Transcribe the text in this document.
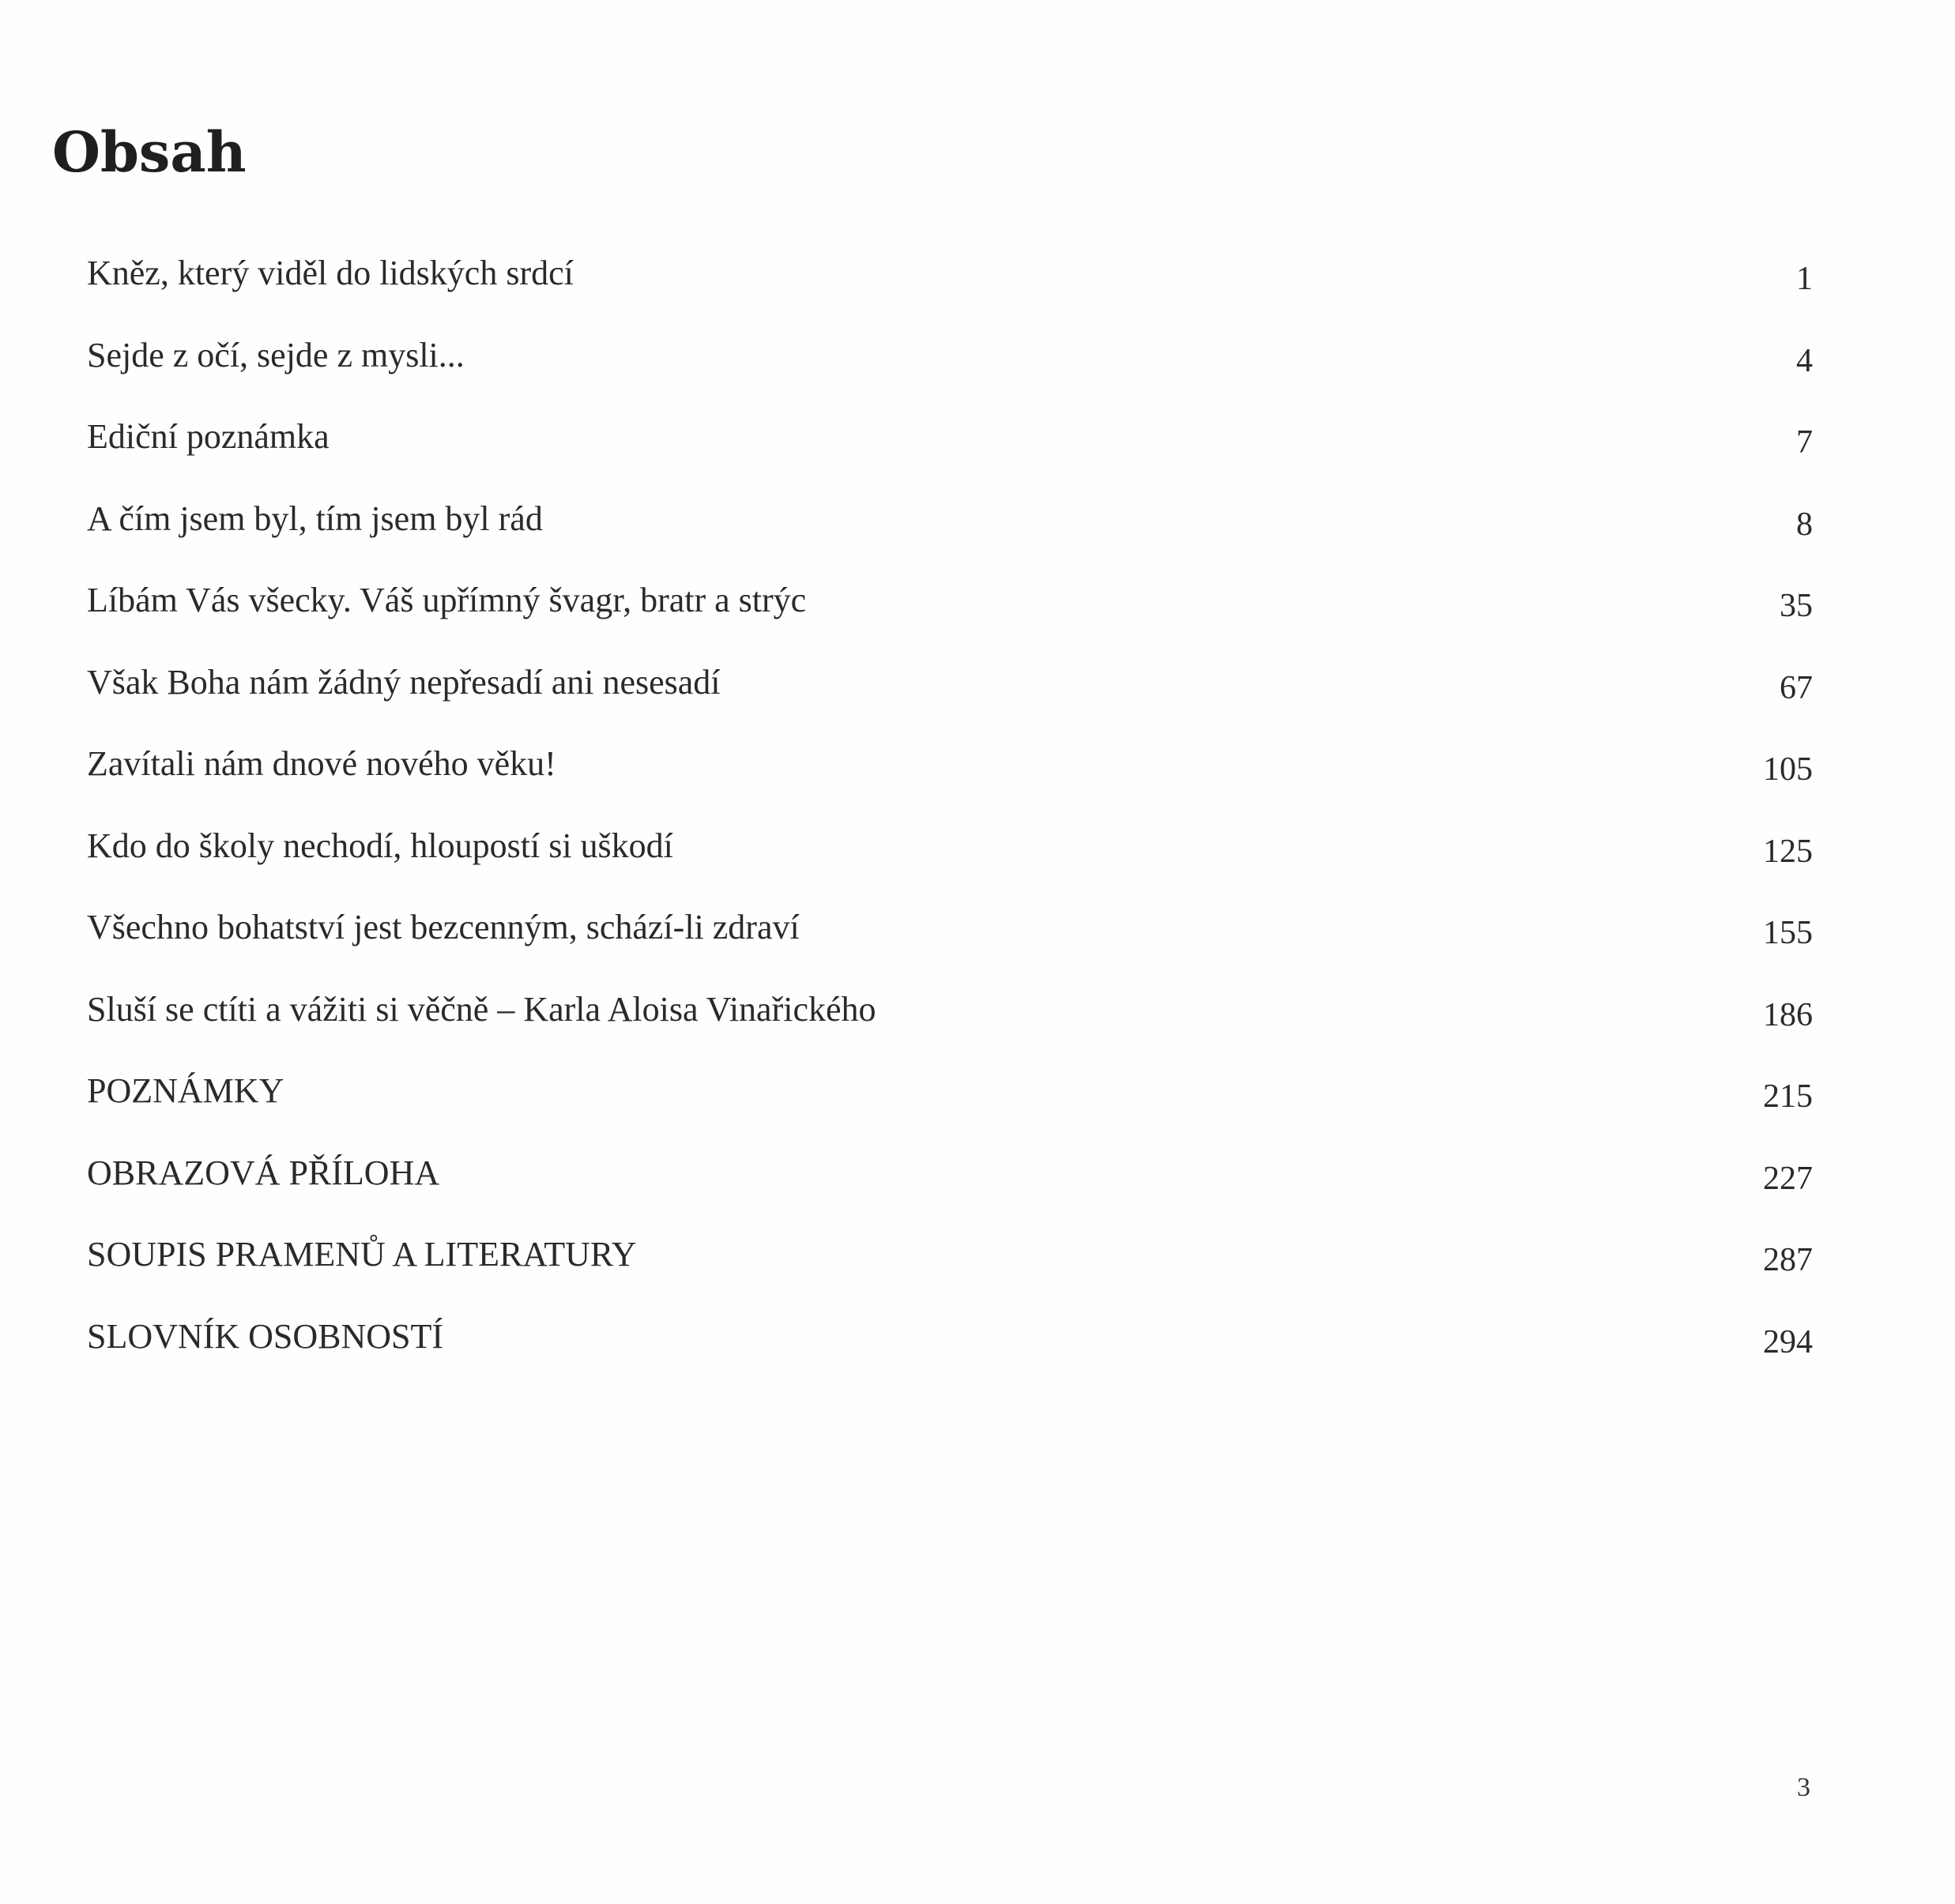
Obsah
Kněz, který viděl do lidských srdcí	1
Sejde z očí, sejde z mysli...	4
Ediční poznámka	7
A čím jsem byl, tím jsem byl rád	8
Líbám Vás všecky. Váš upřímný švagr, bratr a strýc	35
Však Boha nám žádný nepřesadí ani nesesadí	67
Zavítali nám dnové nového věku!	105
Kdo do školy nechodí, hloupostí si uškodí	125
Všechno bohatství jest bezcenným, schází-li zdraví	155
Sluší se ctíti a vážiti si věčně – Karla Aloisa Vinařického	186
POZNÁMKY	215
OBRAZOVÁ PŘÍLOHA	227
SOUPIS PRAMENŮ A LITERATURY	287
SLOVNÍK OSOBNOSTÍ	294

3
